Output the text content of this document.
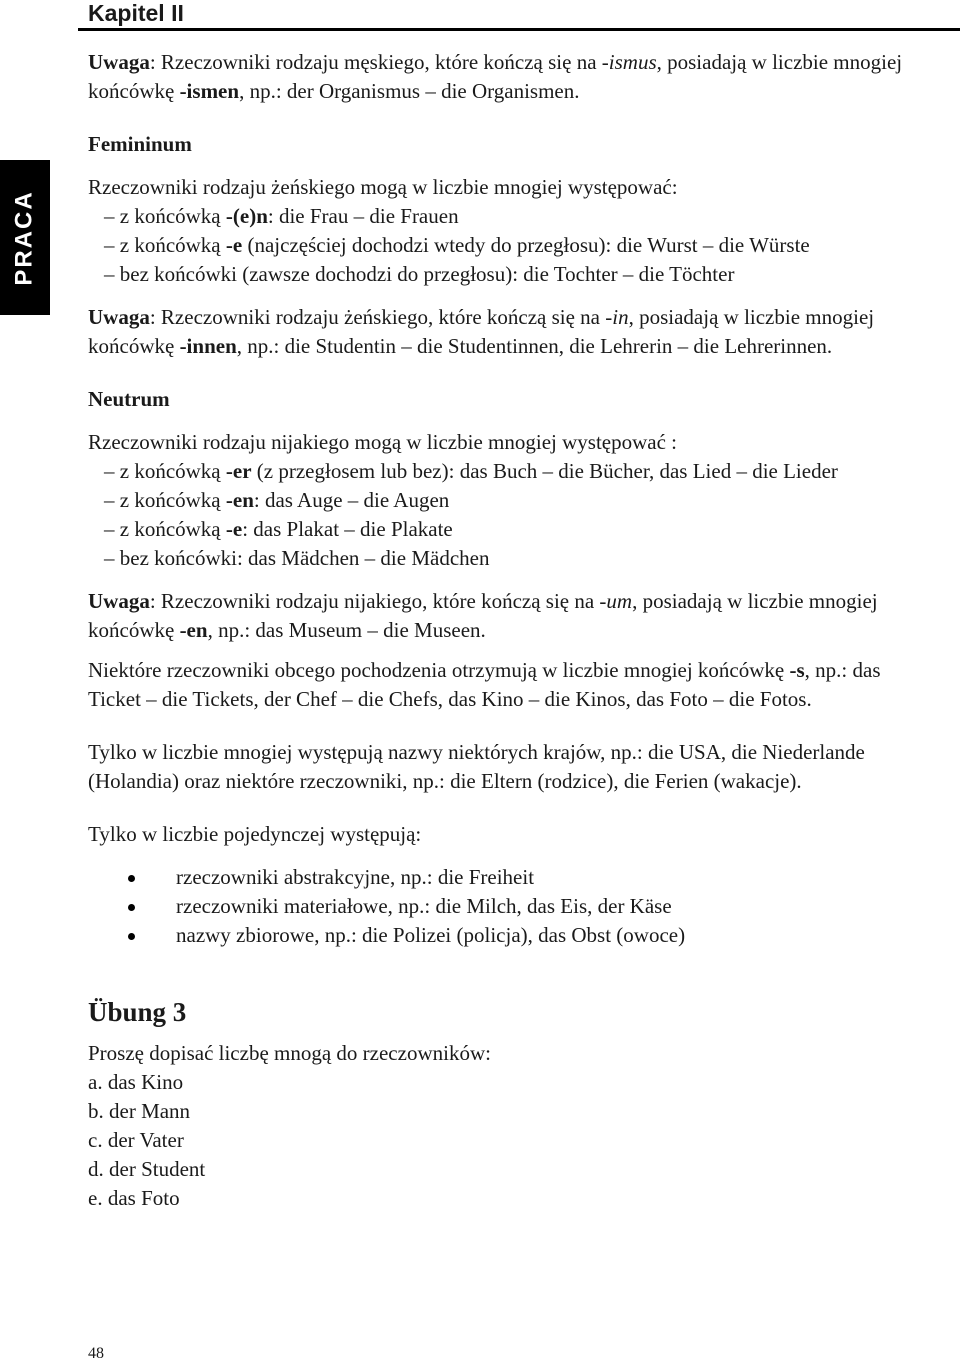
Kapitel II
PRACA

Uwaga: Rzeczowniki rodzaju męskiego, które kończą się na -ismus, posiadają w liczbie mnogiej końcówkę -ismen, np.: der Organismus – die Organismen.

Femininum

Rzeczowniki rodzaju żeńskiego mogą w liczbie mnogiej występować:

– z końcówką -(e)n: die Frau – die Frauen

– z końcówką -e (najczęściej dochodzi wtedy do przegłosu): die Wurst – die Würste

– bez końcówki (zawsze dochodzi do przegłosu): die Tochter – die Töchter

Uwaga: Rzeczowniki rodzaju żeńskiego, które kończą się na -in, posiadają w liczbie mnogiej końcówkę -innen, np.: die Studentin – die Studentinnen, die Lehrerin – die Lehrerinnen.

Neutrum

Rzeczowniki rodzaju nijakiego mogą w liczbie mnogiej występować :

– z końcówką -er (z przegłosem lub bez): das Buch – die Bücher, das Lied – die Lieder

– z końcówką -en: das Auge – die Augen

– z końcówką -e: das Plakat – die Plakate

– bez końcówki: das Mädchen – die Mädchen

Uwaga: Rzeczowniki rodzaju nijakiego, które kończą się na -um, posiadają w liczbie mnogiej końcówkę -en, np.: das Museum – die Museen.

Niektóre rzeczowniki obcego pochodzenia otrzymują w liczbie mnogiej końcówkę -s, np.: das Ticket – die Tickets, der Chef – die Chefs, das Kino – die Kinos, das Foto – die Fotos.

Tylko w liczbie mnogiej występują nazwy niektórych krajów, np.: die USA, die Niederlande (Holandia) oraz niektóre rzeczowniki, np.: die Eltern (rodzice), die Ferien (wakacje).

Tylko w liczbie pojedynczej występują:

rzeczowniki abstrakcyjne, np.: die Freiheit
rzeczowniki materiałowe, np.: die Milch, das Eis, der Käse
nazwy zbiorowe, np.: die Polizei (policja), das Obst (owoce)

Übung 3

Proszę dopisać liczbę mnogą do rzeczowników:

a. das Kino

b. der Mann

c. der Vater

d. der Student

e. das Foto

48
